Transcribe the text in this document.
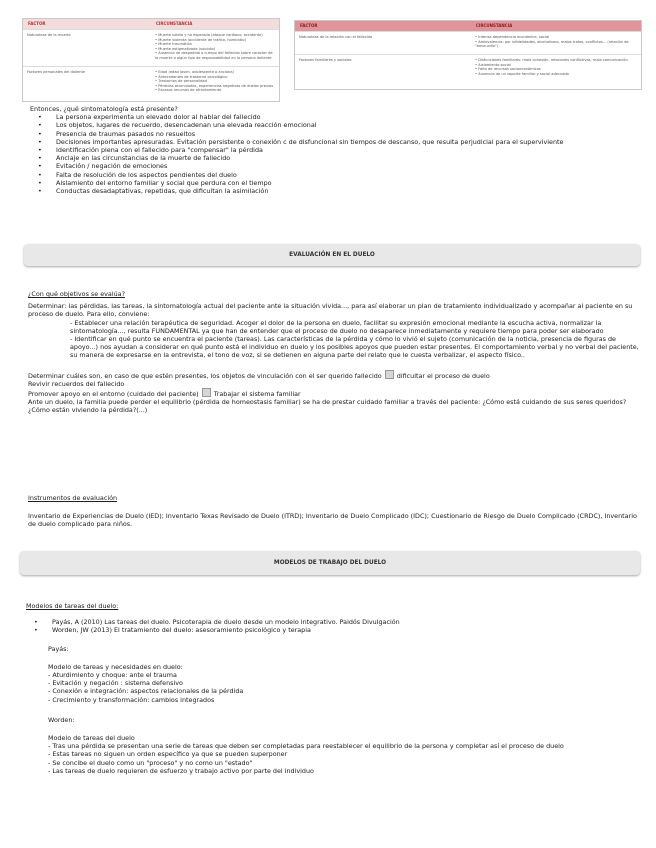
FACTOR	CIRCUNSTANCIA
Naturaleza de la muerte	• Muerte súbita y no esperada (ataque cardíaco, accidente)
• Muerte violenta (accidente de tráfico, homicidio)
• Muerte traumática
• Muerte estigmatizada (suicidio)
• Ausencia de despedida o cuerpo del fallecido sobre carácter de la muerte o algún tipo de responsabilidad en la persona doliente
Factores personales del doliente	• Edad (edad joven, adolescente o anciana)
• Antecedentes de trastorno psicológico
• Trastornos de personalidad
• Pérdidas acumuladas, experiencias negativas de duelos previos
• Escasos recursos de afrontamiento
FACTOR	CIRCUNSTANCIA
Naturaleza de la relación con el fallecido	• Intensa dependencia económica, social
• Ambivalencia: por infidelidades, alcoholismo, malos tratos, conflictos... (relación de "amor-odio")
Factores familiares y sociales	• Disfunciones familiares: mala cohesión, relaciones conflictivas, mala comunicación
• Aislamiento social
• Falta de recursos socioeconómicos
• Ausencia de un soporte familiar y social adecuado
Entonces, ¿qué sintomatología está presente?
• La persona experimenta un elevado dolor al hablar del fallecido
• Los objetos, lugares de recuerdo, desencadenan una elevada reacción emocional
• Presencia de traumas pasados no resueltos
• Decisiones importantes apresuradas. Evitación persistente o conexión c de disfuncional sin tiempos de descanso, que resulta perjudicial para el superviviente
• Identificación plena con el fallecido para "compensar" la pérdida
• Anclaje en las circunstancias de la muerte de fallecido
• Evitación / negación de emociones
• Falta de resolución de los aspectos pendientes del duelo
• Aislamiento del entorno familiar y social que perdura con el tiempo
• Conductas desadaptativas, repetidas, que dificultan la asimilación
EVALUACIÓN EN EL DUELO
¿Con qué objetivos se evalúa?
Determinar: las pérdidas, las tareas, la sintomatología actual del paciente ante la situación vivida..., para así elaborar un plan de tratamiento individualizado y acompañar al paciente en su proceso de duelo. Para ello, conviene:
- Establecer una relación terapéutica de seguridad. Acoger el dolor de la persona en duelo, facilitar su expresión emocional mediante la escucha activa, normalizar la sintomatología..., resulta FUNDAMENTAL ya que han de entender que el proceso de duelo no desaparece inmediatamente y requiere tiempo para poder ser elaborado
- Identificar en qué punto se encuentra el paciente (tareas). Las características de la pérdida y cómo lo vivió el sujeto (comunicación de la noticia, presencia de figuras de apoyo...) nos ayudan a considerar en qué punto está el individuo en duelo y los posibles apoyos que pueden estar presentes. El comportamiento verbal y no verbal del paciente, su manera de expresarse en la entrevista, el tono de voz, si se detienen en alguna parte del relato que le cuesta verbalizar, el aspecto físico..
Determinar cuáles son, en caso de que estén presentes, los objetos de vinculación con el ser querido fallecido dificultar el proceso de duelo
Revivir recuerdos del fallecido
Promover apoyo en el entorno (cuidado del paciente) Trabajar el sistema familiar
Ante un duelo, la familia puede perder el equilibrio (pérdida de homeostasis familiar) se ha de prestar cuidado familiar a través del paciente: ¿Cómo está cuidando de sus seres queridos? ¿Cómo están viviendo la pérdida?(...)
Instrumentos de evaluación
Inventario de Experiencias de Duelo (IED); Inventario Texas Revisado de Duelo (ITRD); Inventario de Duelo Complicado (IDC); Cuestionario de Riesgo de Duelo Complicado (CRDC), Inventario de duelo complicado para niños.
MODELOS DE TRABAJO DEL DUELO
Modelos de tareas del duelo:
• Payás, A (2010) Las tareas del duelo. Psicoterapia de duelo desde un modelo integrativo. Paidós Divulgación
• Worden, JW (2013) El tratamiento del duelo: asesoramiento psicológico y terapia
Payás:
Modelo de tareas y necesidades en duelo:
- Aturdimiento y choque: ante el trauma
- Evitación y negación : sistema defensivo
- Conexión e integración: aspectos relacionales de la pérdida
- Crecimiento y transformación: cambios integrados
Worden:
Modelo de tareas del duelo
- Tras una pérdida se presentan una serie de tareas que deben ser completadas para reestablecer el equilibrio de la persona y completar así el proceso de duelo
- Estas tareas no siguen un orden específico ya que se pueden superponer
- Se concibe el duelo como un "proceso" y no como un "estado"
- Las tareas de duelo requieren de esfuerzo y trabajo activo por parte del individuo
